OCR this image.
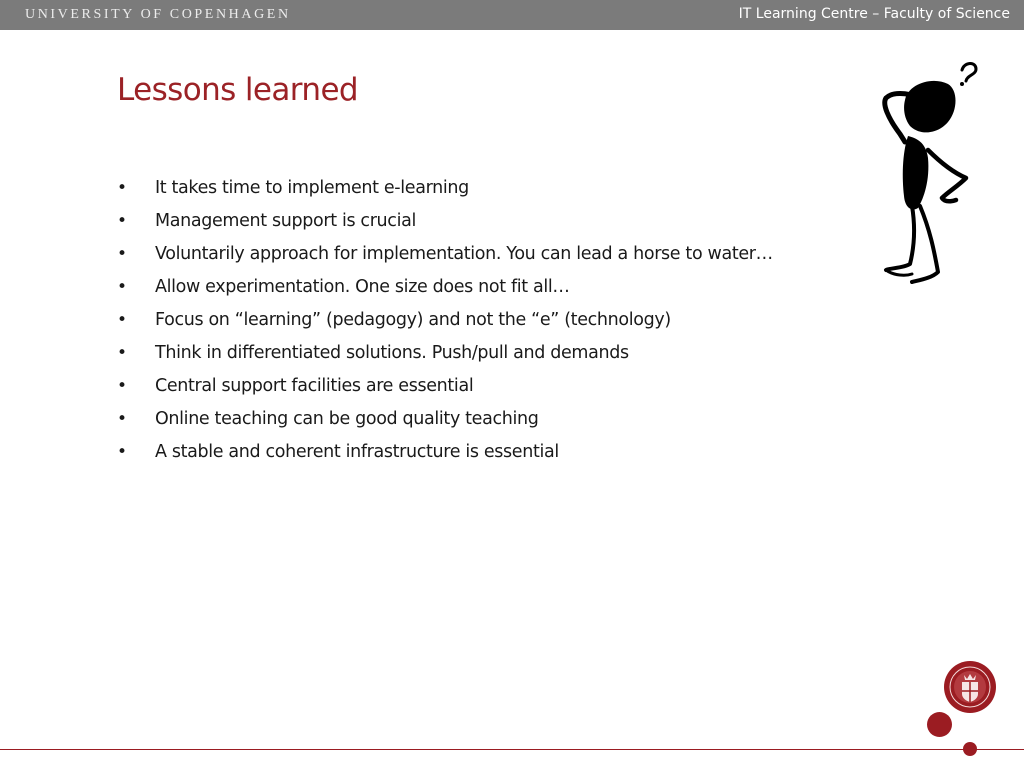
UNIVERSITY OF COPENHAGEN	IT Learning Centre – Faculty of Science
Lessons learned
• It takes time to implement e-learning
• Management support is crucial
• Voluntarily approach for implementation. You can lead a horse to water…
• Allow experimentation. One size does not fit all…
• Focus on “learning” (pedagogy) and not the “e” (technology)
• Think in differentiated solutions. Push/pull and demands
• Central support facilities are essential
• Online teaching can be good quality teaching
• A stable and coherent infrastructure is essential
